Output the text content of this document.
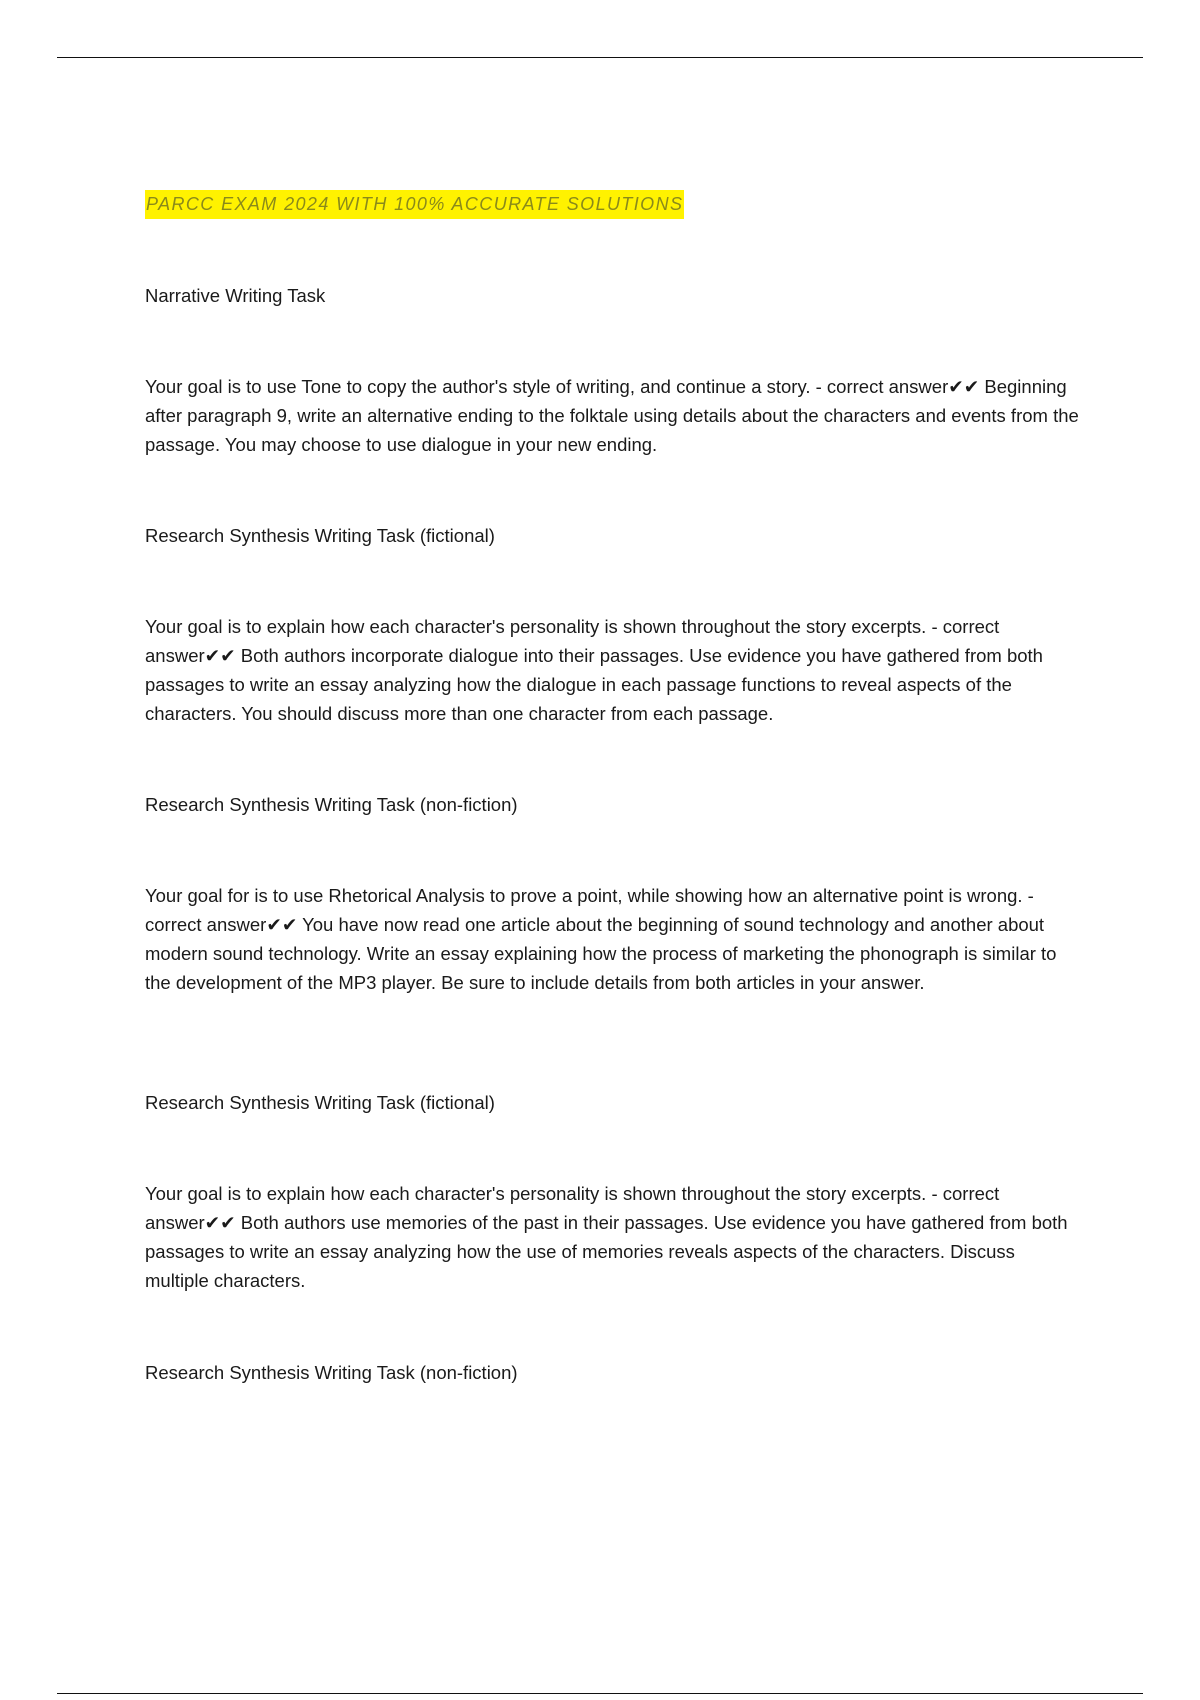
PARCC EXAM 2024 WITH 100% ACCURATE SOLUTIONS
Narrative Writing Task

Your goal is to use Tone to copy the author's style of writing, and continue a story. - correct answer✔✔ Beginning after paragraph 9, write an alternative ending to the folktale using details about the characters and events from the passage. You may choose to use dialogue in your new ending.

Research Synthesis Writing Task (fictional)

Your goal is to explain how each character's personality is shown throughout the story excerpts. - correct answer✔✔ Both authors incorporate dialogue into their passages. Use evidence you have gathered from both passages to write an essay analyzing how the dialogue in each passage functions to reveal aspects of the characters. You should discuss more than one character from each passage.

Research Synthesis Writing Task (non-fiction)

Your goal for is to use Rhetorical Analysis to prove a point, while showing how an alternative point is wrong. - correct answer✔✔ You have now read one article about the beginning of sound technology and another about modern sound technology. Write an essay explaining how the process of marketing the phonograph is similar to the development of the MP3 player. Be sure to include details from both articles in your answer.

Research Synthesis Writing Task (fictional)

Your goal is to explain how each character's personality is shown throughout the story excerpts. - correct answer✔✔ Both authors use memories of the past in their passages. Use evidence you have gathered from both passages to write an essay analyzing how the use of memories reveals aspects of the characters. Discuss multiple characters.

Research Synthesis Writing Task (non-fiction)
